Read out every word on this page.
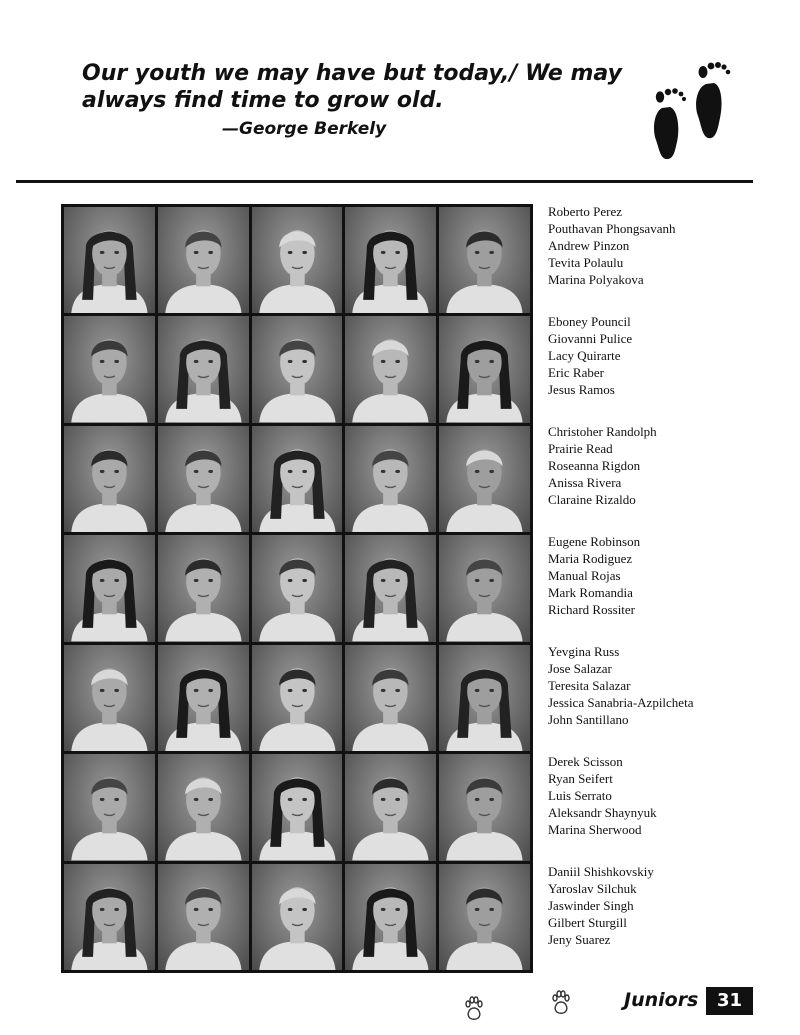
Our youth we may have but today,/ We may
always find time to grow old.

—George Berkely
Roberto Perez
Pouthavan Phongsavanh
Andrew Pinzon
Tevita Polaulu
Marina Polyakova
Eboney Pouncil
Giovanni Pulice
Lacy Quirarte
Eric Raber
Jesus Ramos
Christoher Randolph
Prairie Read
Roseanna Rigdon
Anissa Rivera
Claraine Rizaldo
Eugene Robinson
Maria Rodiguez
Manual Rojas
Mark Romandia
Richard Rossiter
Yevgina Russ
Jose Salazar
Teresita Salazar
Jessica Sanabria-Azpilcheta
John Santillano
Derek Scisson
Ryan Seifert
Luis Serrato
Aleksandr Shaynyuk
Marina Sherwood
Daniil Shishkovskiy
Yaroslav Silchuk
Jaswinder Singh
Gilbert Sturgill
Jeny Suarez
Juniors	31
